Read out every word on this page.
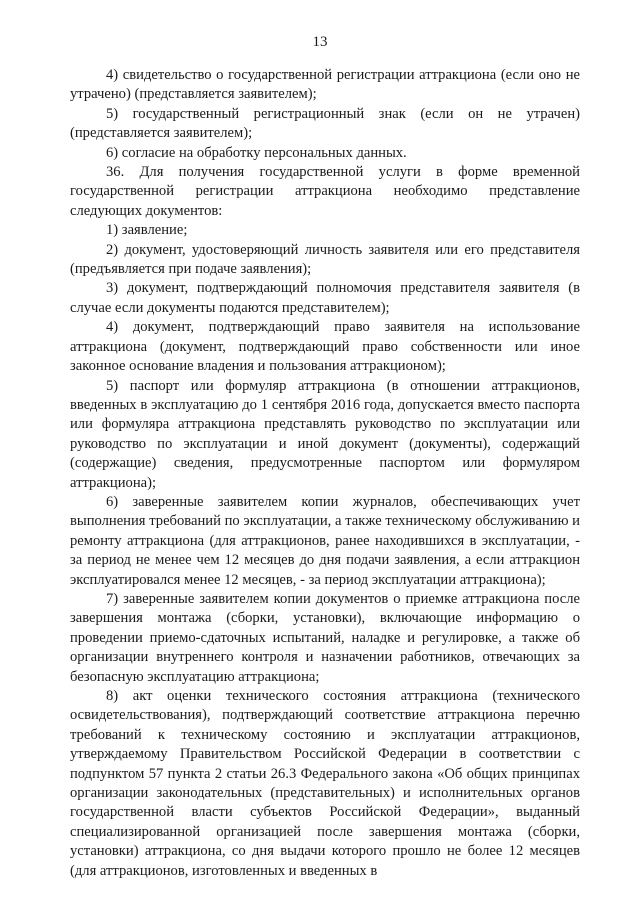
13

4) свидетельство о государственной регистрации аттракциона (если оно не утрачено) (представляется заявителем);

5) государственный регистрационный знак (если он не утрачен) (представляется заявителем);

6) согласие на обработку персональных данных.

36. Для получения государственной услуги в форме временной государственной регистрации аттракциона необходимо представление следующих документов:

1) заявление;

2) документ, удостоверяющий личность заявителя или его представителя (предъявляется при подаче заявления);

3) документ, подтверждающий полномочия представителя заявителя (в случае если документы подаются представителем);

4) документ, подтверждающий право заявителя на использование аттракциона (документ, подтверждающий право собственности или иное законное основание владения и пользования аттракционом);

5) паспорт или формуляр аттракциона (в отношении аттракционов, введенных в эксплуатацию до 1 сентября 2016 года, допускается вместо паспорта или формуляра аттракциона представлять руководство по эксплуатации или руководство по эксплуатации и иной документ (документы), содержащий (содержащие) сведения, предусмотренные паспортом или формуляром аттракциона);

6) заверенные заявителем копии журналов, обеспечивающих учет выполнения требований по эксплуатации, а также техническому обслуживанию и ремонту аттракциона (для аттракционов, ранее находившихся в эксплуатации, - за период не менее чем 12 месяцев до дня подачи заявления, а если аттракцион эксплуатировался менее 12 месяцев, - за период эксплуатации аттракциона);

7) заверенные заявителем копии документов о приемке аттракциона после завершения монтажа (сборки, установки), включающие информацию о проведении приемо-сдаточных испытаний, наладке и регулировке, а также об организации внутреннего контроля и назначении работников, отвечающих за безопасную эксплуатацию аттракциона;

8) акт оценки технического состояния аттракциона (технического освидетельствования), подтверждающий соответствие аттракциона перечню требований к техническому состоянию и эксплуатации аттракционов, утверждаемому Правительством Российской Федерации в соответствии с подпунктом 57 пункта 2 статьи 26.3 Федерального закона «Об общих принципах организации законодательных (представительных) и исполнительных органов государственной власти субъектов Российской Федерации», выданный специализированной организацией после завершения монтажа (сборки, установки) аттракциона, со дня выдачи которого прошло не более 12 месяцев (для аттракционов, изготовленных и введенных в
